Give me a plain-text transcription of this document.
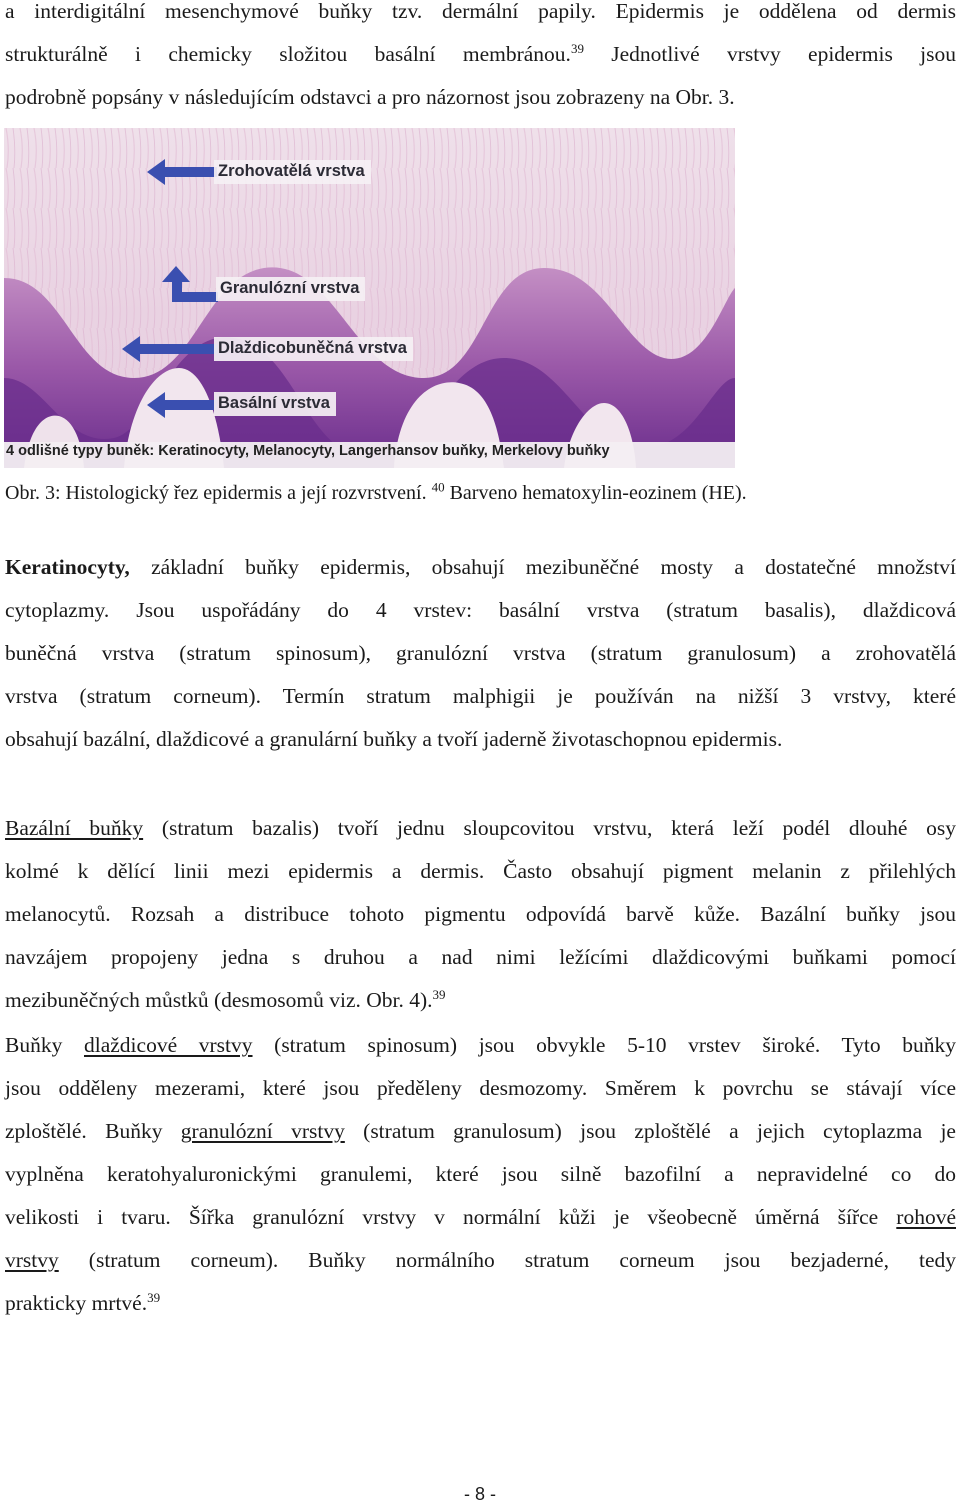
a interdigitální mesenchymové buňky tzv. dermální papily. Epidermis je oddělena od dermis
strukturálně i chemicky složitou basální membránou.$^{39}$ Jednotlivé vrstvy epidermis jsou
podrobně popsány v následujícím odstavci a pro názornost jsou zobrazeny na Obr. 3.

Zrohovatělá vrstva
Granulózní vrstva
Dlaždicobuněčná vrstva
Basální vrstva
4 odlišné typy buněk: Keratinocyty, Melanocyty, Langerhansov buňky, Merkelovy buňky
Obr. 3: Histologický řez epidermis a její rozvrstvení. $^{40}$ Barveno hematoxylin-eozinem (HE).

Keratinocyty, základní buňky epidermis, obsahují mezibuněčné mosty a dostatečné množství
cytoplazmy. Jsou uspořádány do 4 vrstev: basální vrstva (stratum basalis), dlaždicová
buněčná vrstva (stratum spinosum), granulózní vrstva (stratum granulosum) a zrohovatělá
vrstva (stratum corneum). Termín stratum malphigii je používán na nižší 3 vrstvy, které
obsahují bazální, dlaždicové a granulární buňky a tvoří jaderně životaschopnou epidermis.

Bazální buňky (stratum bazalis) tvoří jednu sloupcovitou vrstvu, která leží podél dlouhé osy
kolmé k dělící linii mezi epidermis a dermis. Často obsahují pigment melanin z přilehlých
melanocytů. Rozsah a distribuce tohoto pigmentu odpovídá barvě kůže. Bazální buňky jsou
navzájem propojeny jedna s druhou a nad nimi ležícími dlaždicovými buňkami pomocí
mezibuněčných můstků (desmosomů viz. Obr. 4).$^{39}$

Buňky dlaždicové vrstvy (stratum spinosum) jsou obvykle 5-10 vrstev široké. Tyto buňky
jsou odděleny mezerami, které jsou předěleny desmozomy. Směrem k povrchu se stávají více
zploštělé. Buňky granulózní vrstvy (stratum granulosum) jsou zploštělé a jejich cytoplazma je
vyplněna keratohyaluronickými granulemi, které jsou silně bazofilní a nepravidelné co do
velikosti i tvaru. Šířka granulózní vrstvy v normální kůži je všeobecně úměrná šířce rohové
vrstvy (stratum corneum). Buňky normálního stratum corneum jsou bezjaderné, tedy
prakticky mrtvé.$^{39}$

- 8 -
